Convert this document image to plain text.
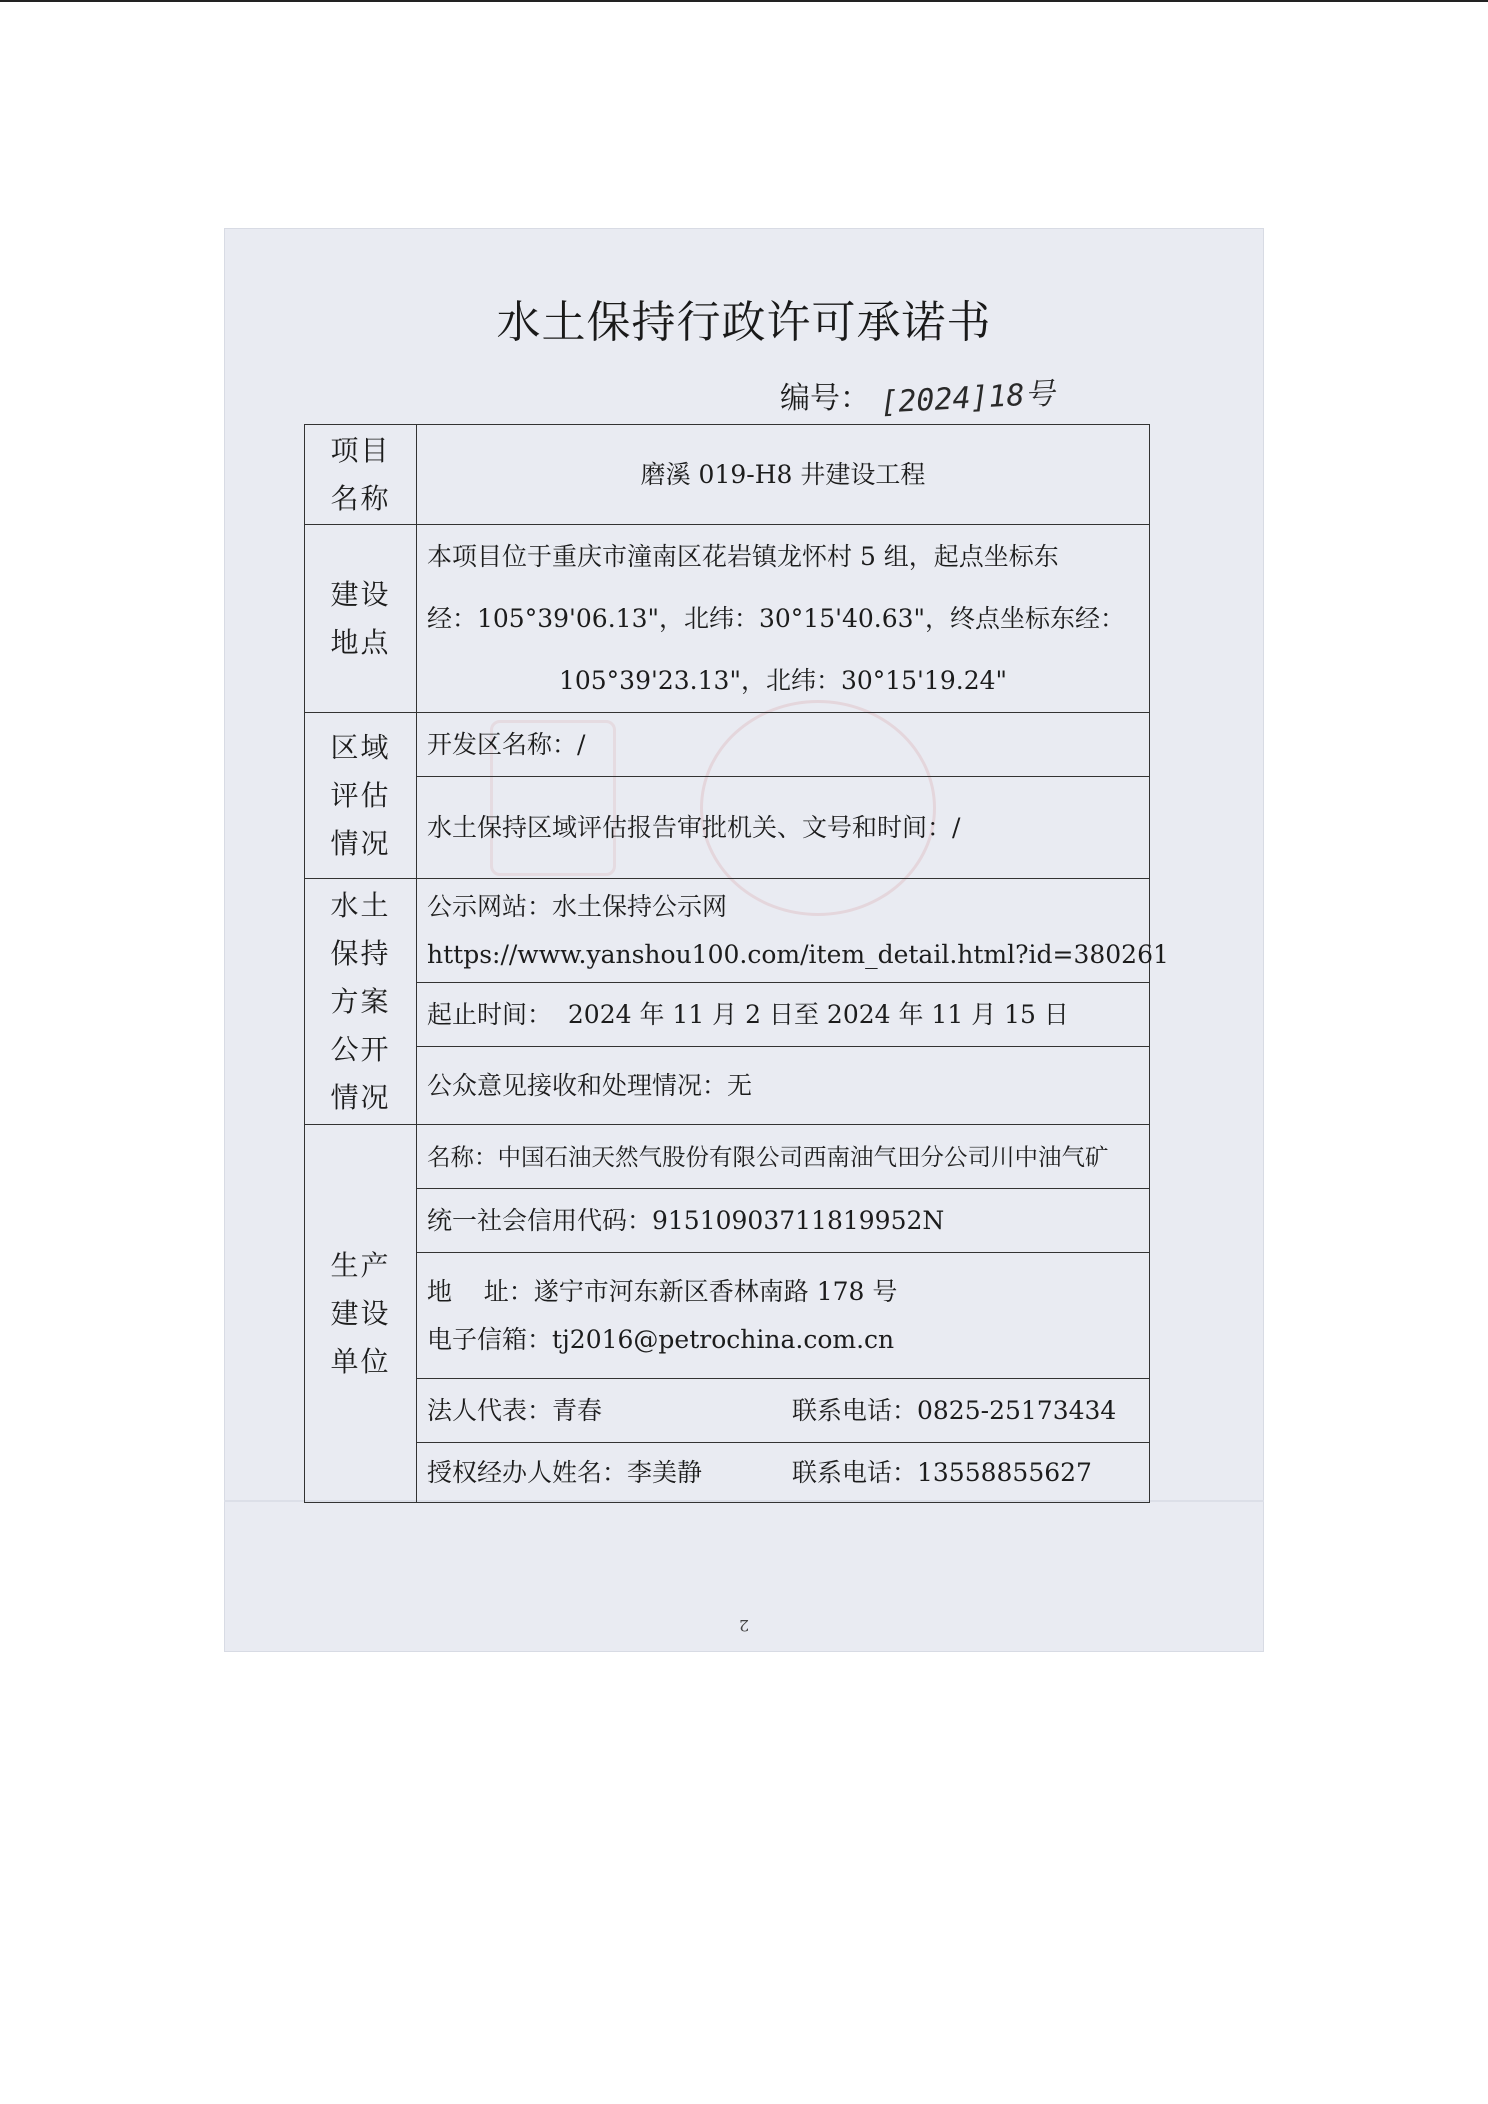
水土保持行政许可承诺书
编号： [2024]18号
项目名称	磨溪 019-H8 井建设工程

建设地点	本项目位于重庆市潼南区花岩镇龙怀村 5 组，起点坐标东
经：105°39'06.13"，北纬：30°15'40.63"，终点坐标东经：
105°39'23.13"，北纬：30°15'19.24"

区域评估情况	开发区名称：/

	水土保持区域评估报告审批机关、文号和时间：/

水土保持方案公开情况	公示网站：水土保持公示网
https://www.yanshou100.com/item_detail.html?id=380261

	起止时间：  2024 年 11 月 2 日至 2024 年 11 月 15 日

	公众意见接收和处理情况：无

生产建设单位	名称：中国石油天然气股份有限公司西南油气田分公司川中油气矿

	统一社会信用代码：91510903711819952N

	地    址：遂宁市河东新区香林南路 178 号
电子信箱：tj2016@petrochina.com.cn

	法人代表：青春 联系电话：0825-25173434

	授权经办人姓名：李美静 联系电话：13558855627
2
